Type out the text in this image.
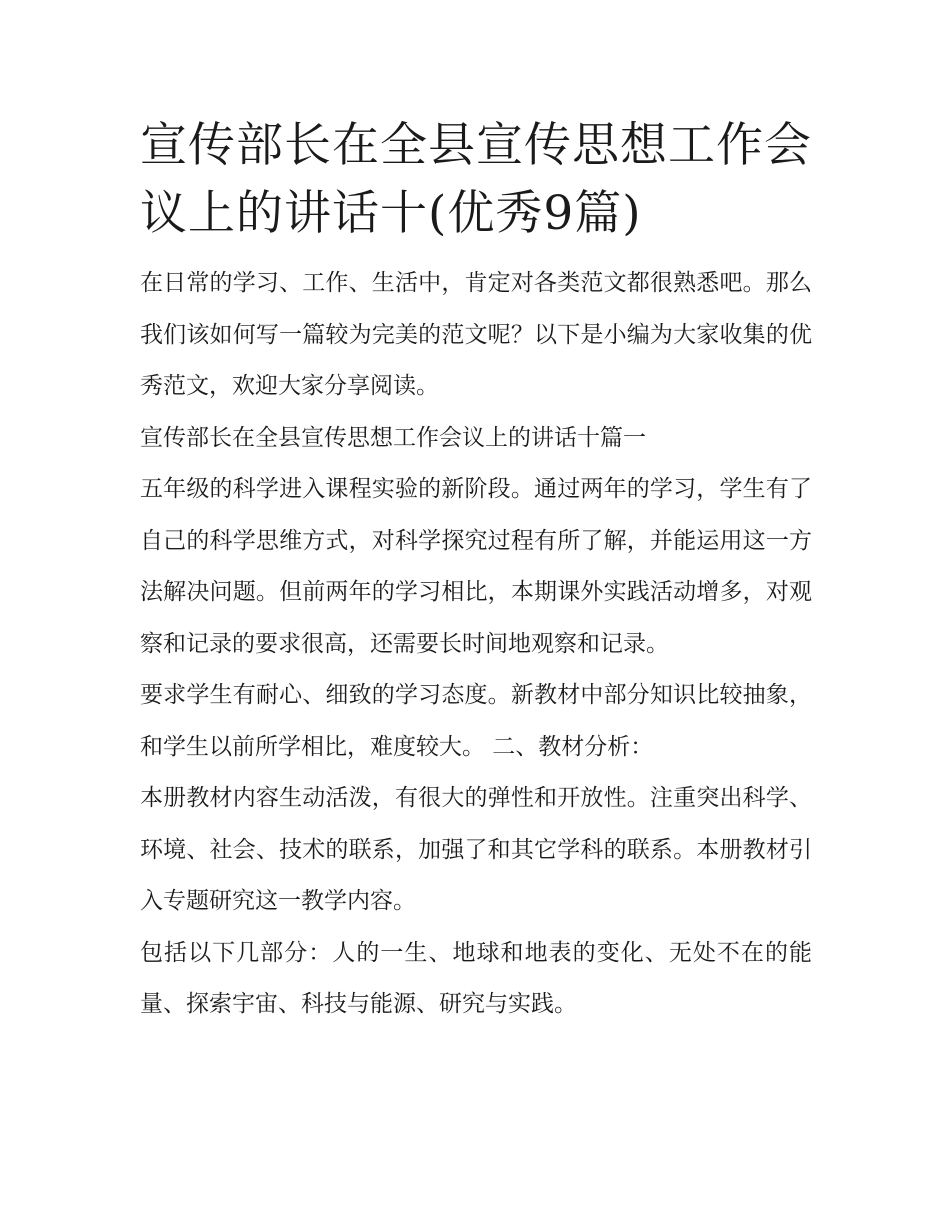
宣传部长在全县宣传思想工作会议上的讲话十(优秀9篇)

在日常的学习、工作、生活中，肯定对各类范文都很熟悉吧。那么我们该如何写一篇较为完美的范文呢？以下是小编为大家收集的优秀范文，欢迎大家分享阅读。

宣传部长在全县宣传思想工作会议上的讲话十篇一

五年级的科学进入课程实验的新阶段。通过两年的学习，学生有了自己的科学思维方式，对科学探究过程有所了解，并能运用这一方法解决问题。但前两年的学习相比，本期课外实践活动增多，对观察和记录的要求很高，还需要长时间地观察和记录。

要求学生有耐心、细致的学习态度。新教材中部分知识比较抽象，和学生以前所学相比，难度较大。 二、教材分析：

本册教材内容生动活泼，有很大的弹性和开放性。注重突出科学、环境、社会、技术的联系，加强了和其它学科的联系。本册教材引入专题研究这一教学内容。

包括以下几部分：人的一生、地球和地表的变化、无处不在的能量、探索宇宙、科技与能源、研究与实践。
